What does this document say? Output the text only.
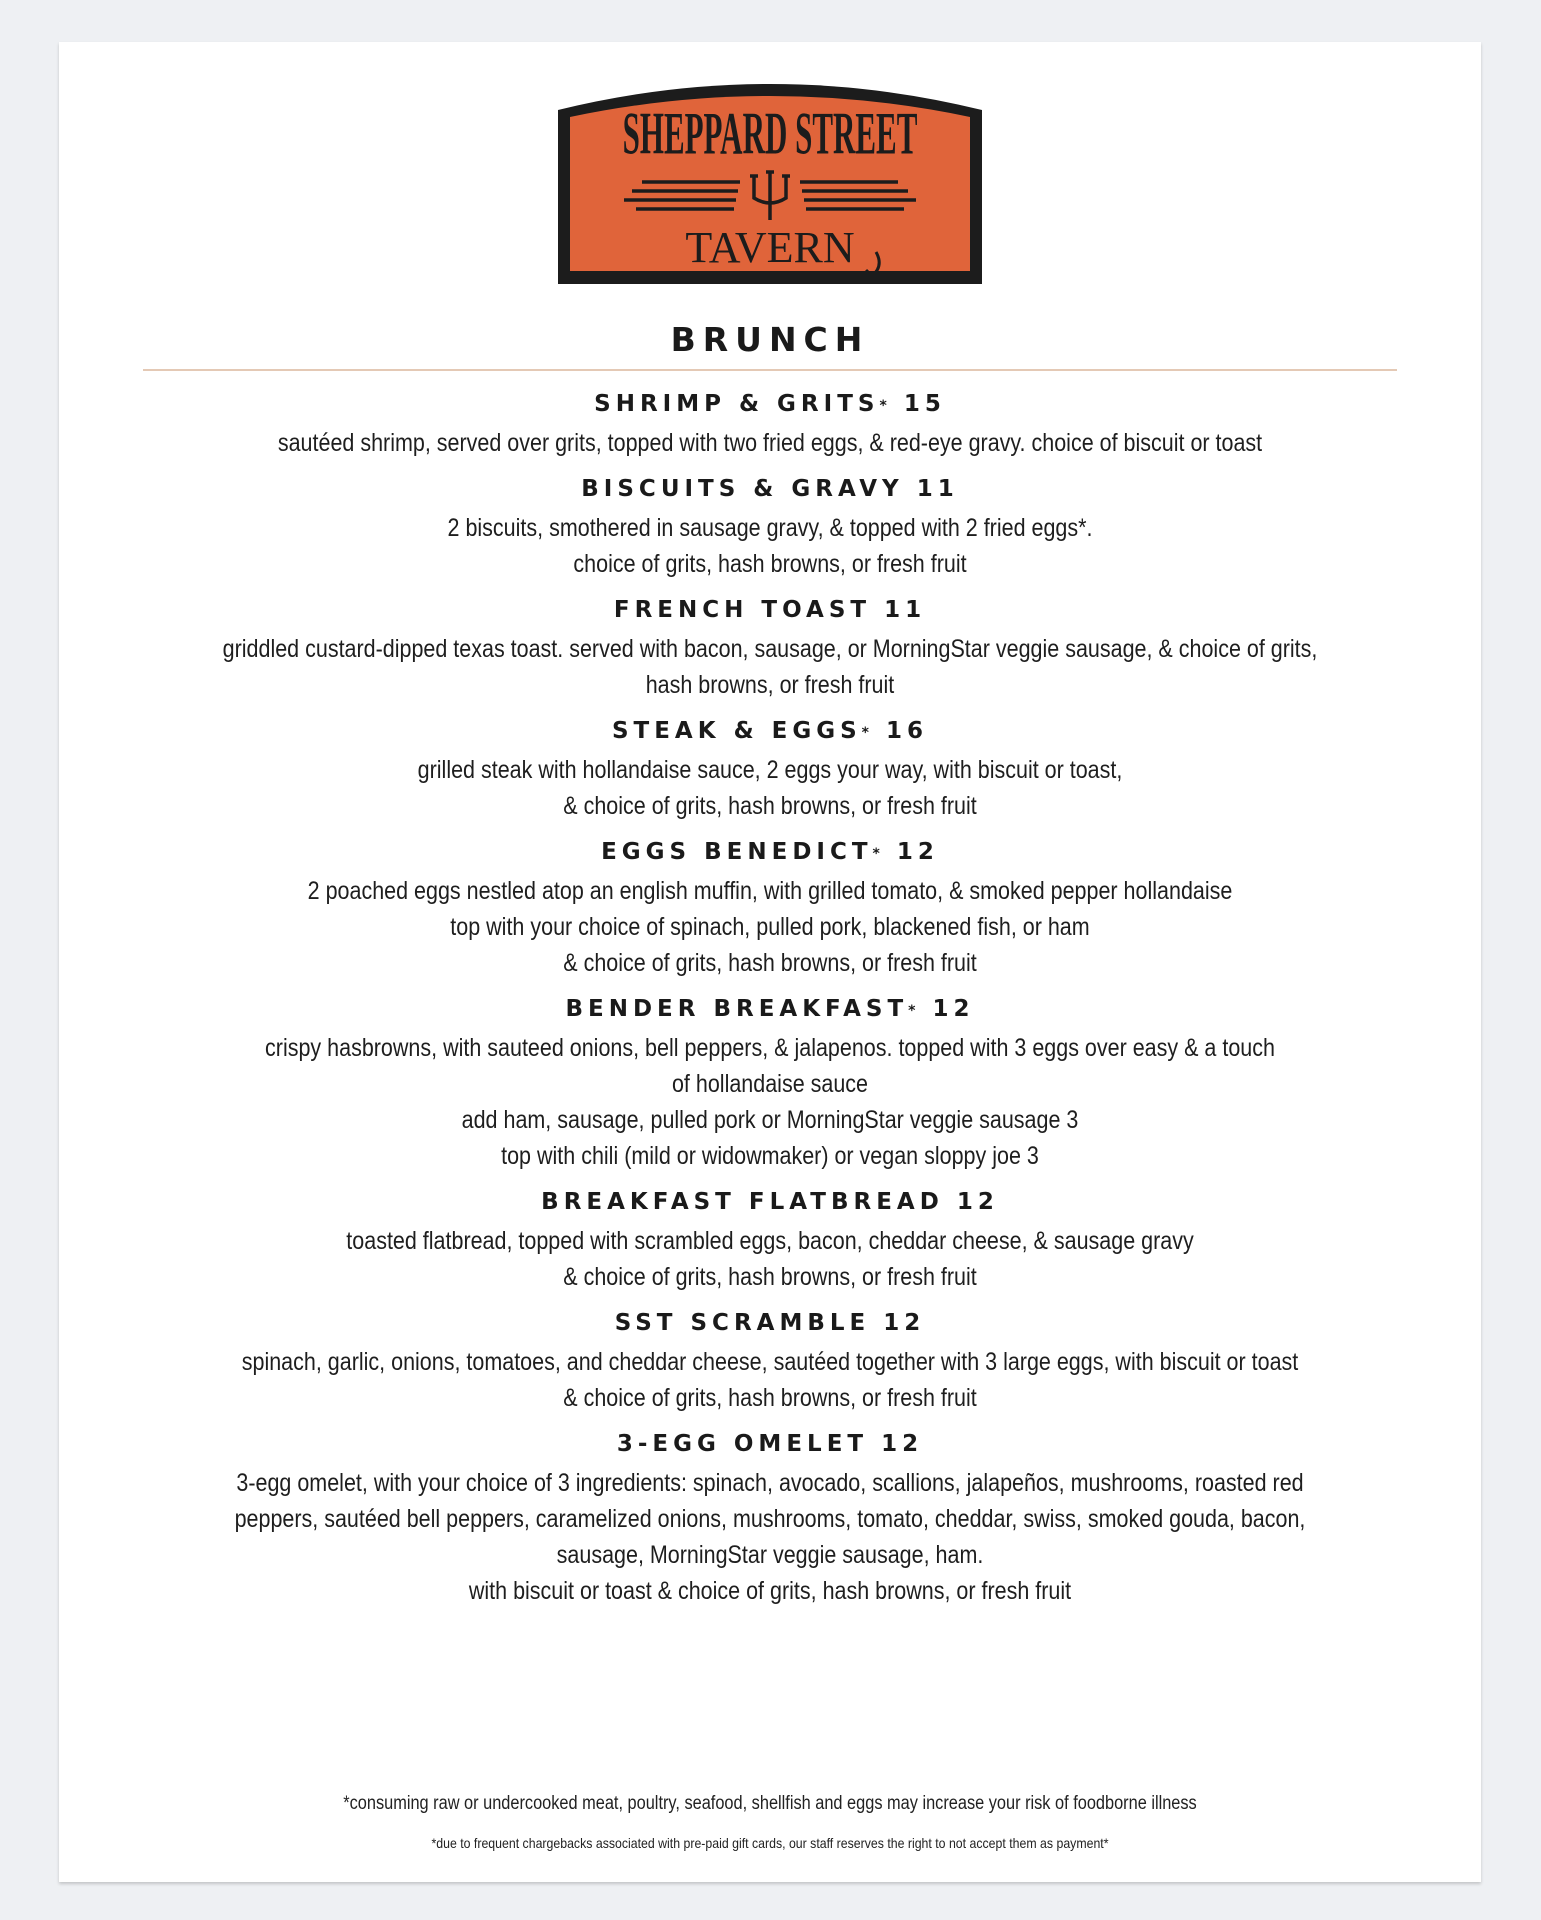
SHEPPARD STREET
TAVERN
BRUNCH
SHRIMP & GRITS* 15
sautéed shrimp, served over grits, topped with two fried eggs, & red-eye gravy. choice of biscuit or toast
BISCUITS & GRAVY 11
2 biscuits, smothered in sausage gravy, & topped with 2 fried eggs*.
choice of grits, hash browns, or fresh fruit
FRENCH TOAST 11
griddled custard-dipped texas toast. served with bacon, sausage, or MorningStar veggie sausage, & choice of grits,
hash browns, or fresh fruit
STEAK & EGGS* 16
grilled steak with hollandaise sauce, 2 eggs your way, with biscuit or toast,
& choice of grits, hash browns, or fresh fruit
EGGS BENEDICT* 12
2 poached eggs nestled atop an english muffin, with grilled tomato, & smoked pepper hollandaise
top with your choice of spinach, pulled pork, blackened fish, or ham
& choice of grits, hash browns, or fresh fruit
BENDER BREAKFAST* 12
crispy hasbrowns, with sauteed onions, bell peppers, & jalapenos. topped with 3 eggs over easy & a touch
of hollandaise sauce
add ham, sausage, pulled pork or MorningStar veggie sausage 3
top with chili (mild or widowmaker) or vegan sloppy joe 3
BREAKFAST FLATBREAD 12
toasted flatbread, topped with scrambled eggs, bacon, cheddar cheese, & sausage gravy
& choice of grits, hash browns, or fresh fruit
SST SCRAMBLE 12
spinach, garlic, onions, tomatoes, and cheddar cheese, sautéed together with 3 large eggs, with biscuit or toast
& choice of grits, hash browns, or fresh fruit
3-EGG OMELET 12
3-egg omelet, with your choice of 3 ingredients: spinach, avocado, scallions, jalapeños, mushrooms, roasted red
peppers, sautéed bell peppers, caramelized onions, mushrooms, tomato, cheddar, swiss, smoked gouda, bacon,
sausage, MorningStar veggie sausage, ham.
with biscuit or toast & choice of grits, hash browns, or fresh fruit
*consuming raw or undercooked meat, poultry, seafood, shellfish and eggs may increase your risk of foodborne illness
*due to frequent chargebacks associated with pre-paid gift cards, our staff reserves the right to not accept them as payment*
